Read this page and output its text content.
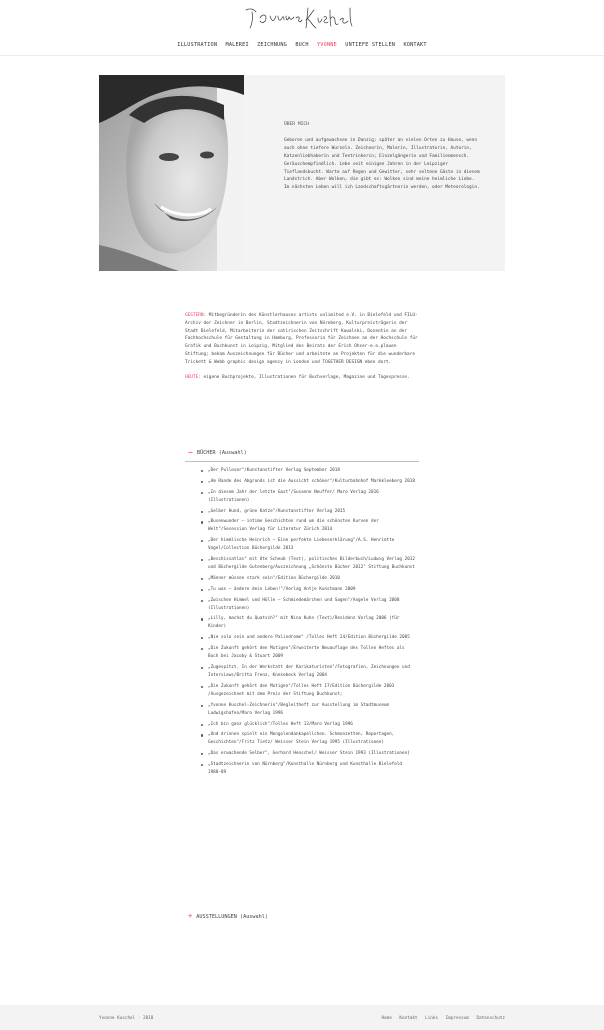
ILLUSTRATION MALEREI ZEICHNUNG BUCH YVONNE UNTIEFE STELLEN KONTAKT
ÜBER MICH
Geboren und aufgewachsen in Danzig; später an vielen Orten zu Hause, wenn auch ohne tiefere Wurzeln. Zeichnerin, Malerin, Illustratorin, Autorin, Katzenliebhaberin und Teetrinkerin; Einzelgängerin und Familienmensch. Geräuschempfindlich. Lebe seit einigen Jahren in der Leipziger Tieflandsbucht. Warte auf Regen und Gewitter, sehr seltene Gäste in diesem Landstrich. Aber Wolken, die gibt es: Wolken sind meine heimliche Liebe. Im nächsten Leben will ich Landschaftsgärtnerin werden, oder Meteorologin.

GESTERN: Mitbegründerin des Künstlerhauses artists unlimited e.V. in Bielefeld und FILU-Archiv der Zeichner in Berlin, Stadtzeichnerin von Nürnberg, Kulturpreisträgerin der Stadt Bielefeld, Mitarbeiterin der satirischen Zeitschrift Kowalski, Dozentin an der Fachhochschule für Gestaltung in Hamburg, Professorin für Zeichnen an der Hochschule für Grafik und Buchkunst in Leipzig, Mitglied des Beirats der Erich Ohser-e.o.plauen Stiftung; bekam Auszeichnungen für Bücher und arbeitete an Projekten für die wunderbare Trickett & Webb graphic design agency in London und TOGETHER DESIGN eben dort.

HEUTE: eigene Buchprojekte, Illustrationen für Buchverlage, Magazine und Tagespresse.

− BÜCHER (Auswahl)
„Der Pullover"/Kunstanstifter Verlag September 2018
„Am Rande des Abgrunds ist die Aussicht schöner"/Kulturbahnhof Markkleeberg 2018
„In diesem Jahr der letzte Gast"/Susanne Neuffer/ Maro Verlag 2016 (Illustrationen)
„Gelber Hund, grüne Katze"/Kunstanstifter Verlag 2015
„Busenwunder – intime Geschichten rund um die schönsten Kurven der Welt"/Secession Verlag für Literatur Zürich 2014
„Der himmlische Heinrich – Eine perfekte Liebeserklärung"/A.S. Henriette Vogel/Collection Büchergilde 2013
„Beschissatlas" mit Ute Scheub (Text), politisches Bilderbuch/Ludwig Verlag 2012 und Büchergilde Gutenberg/Auszeichnung „Schönste Bücher 2012" Stiftung Buchkunst
„Männer müssen stark sein"/Edition Büchergilde 2010
„Tu was – ändere dein Leben!"/Verlag Antje Kunstmann 2009
„Zwischen Himmel und Hölle – Schmiedemärchen und Sagen"/Angele Verlag 2008 (Illustrationen)
„Lilly, machst du Quatsch?" mit Nina Kuhn (Text)/Residenz Verlag 2006 (für Kinder)
„Nie solo sein und andere Palindrome" /Tolles Heft 24/Edition Büchergilde 2005
„Die Zukunft gehört den Mutigen"/Erweiterte Neuauflage des Tollen Heftes als Buch bei Jacoby & Stuart 2009
„Zugespitzt. In der Werkstatt der Karikaturisten"/Fotografien, Zeichnungen und Interviews/Britta Frenz, Knesebeck Verlag 2004
„Die Zukunft gehört den Mutigen"/Tolles Heft 17/Edition Büchergilde 2003 /Ausgezeichnet mit dem Preis der Stiftung Buchkunst;
„Yvonne Kuschel-Zeichnerin"/Begleitheft zur Ausstellung im Stadtmuseum Ludwigshafen/Maro Verlag 1996
„Ich bin ganz glücklich"/Tolles Heft 13/Maro Verlag 1996
„Und drinnen spielt ein Mongolendankapellchen. Schmonzetten, Reportagen, Geschichten"/Fritz Tietz/ Weisser Stein Verlag 1995 (Illustrationen)
„Das erwachende Selber", Gerhard Henschel/ Weisser Stein 1993 (Illustrationen)
„Stadtzeichnerin von Nürnberg"/Kunsthalle Nürnberg und Kunsthalle Bielefeld 1988-89
+ AUSSTELLUNGEN (Auswahl)
Yvonne Kuschel · 2018	Home Kontakt Links Impressum Datenschutz
